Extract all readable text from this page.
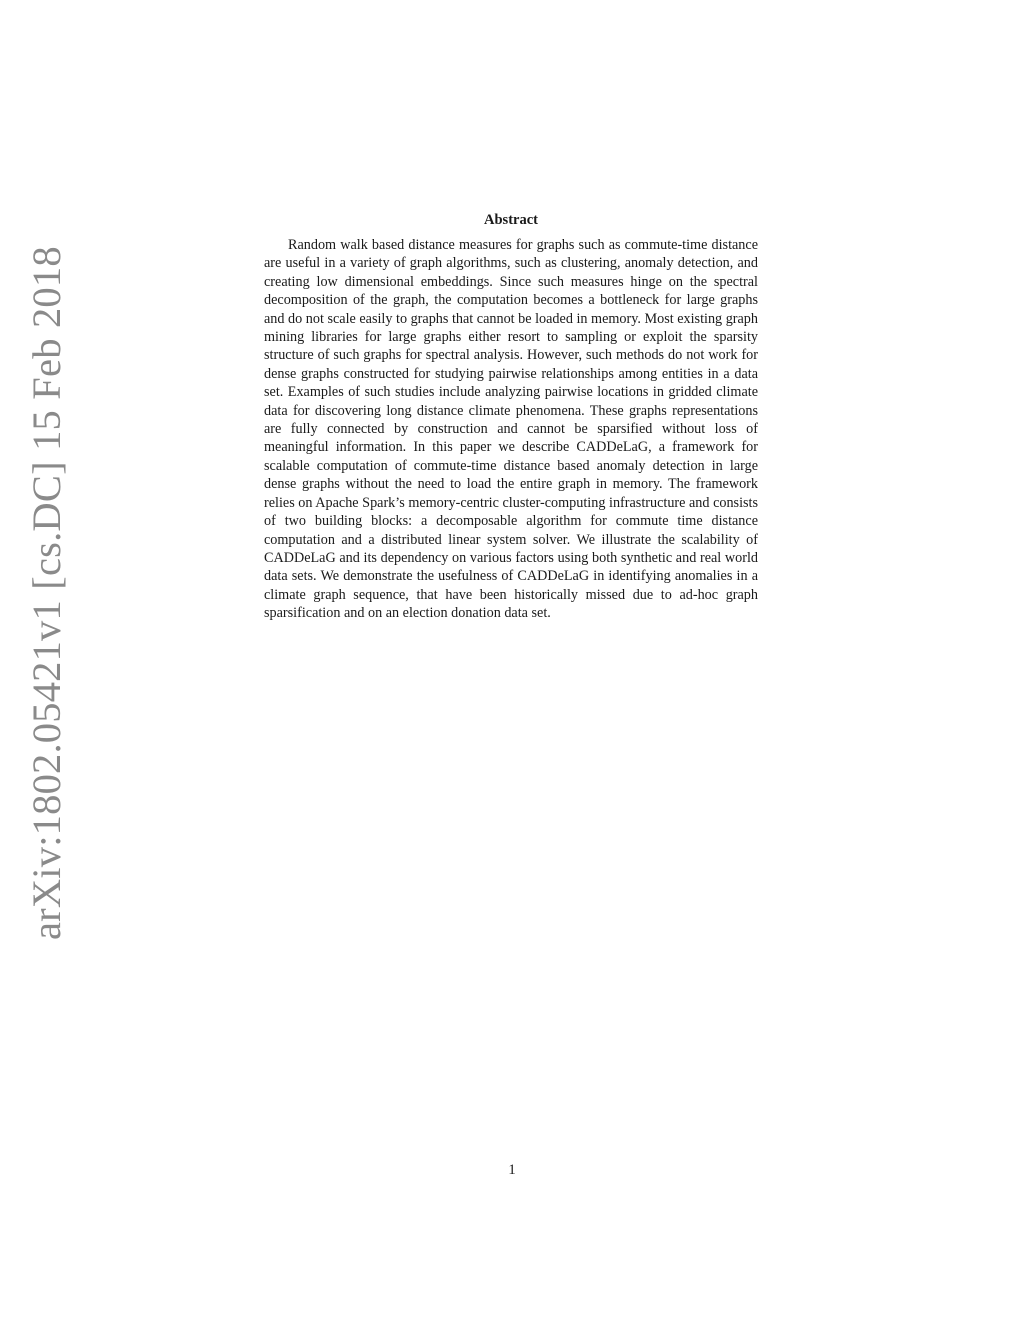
arXiv:1802.05421v1 [cs.DC] 15 Feb 2018
Abstract

Random walk based distance measures for graphs such as commute-time distance are useful in a variety of graph algorithms, such as clustering, anomaly detection, and creating low dimensional embeddings. Since such measures hinge on the spectral decomposition of the graph, the computation becomes a bottleneck for large graphs and do not scale easily to graphs that cannot be loaded in memory. Most existing graph mining libraries for large graphs either resort to sampling or exploit the sparsity structure of such graphs for spectral analysis. However, such methods do not work for dense graphs constructed for studying pairwise relationships among entities in a data set. Examples of such studies include analyzing pairwise locations in gridded climate data for discovering long distance climate phenomena. These graphs representations are fully connected by construction and cannot be sparsified without loss of meaningful information. In this paper we describe CADDeLaG, a framework for scalable computation of commute-time distance based anomaly detection in large dense graphs without the need to load the entire graph in memory. The framework relies on Apache Spark’s memory-centric cluster-computing infrastructure and consists of two building blocks: a decomposable algorithm for commute time distance computation and a distributed linear system solver. We illustrate the scalability of CADDeLaG and its dependency on various factors using both synthetic and real world data sets. We demonstrate the usefulness of CADDeLaG in identifying anomalies in a climate graph sequence, that have been historically missed due to ad-hoc graph sparsification and on an election donation data set.

1
